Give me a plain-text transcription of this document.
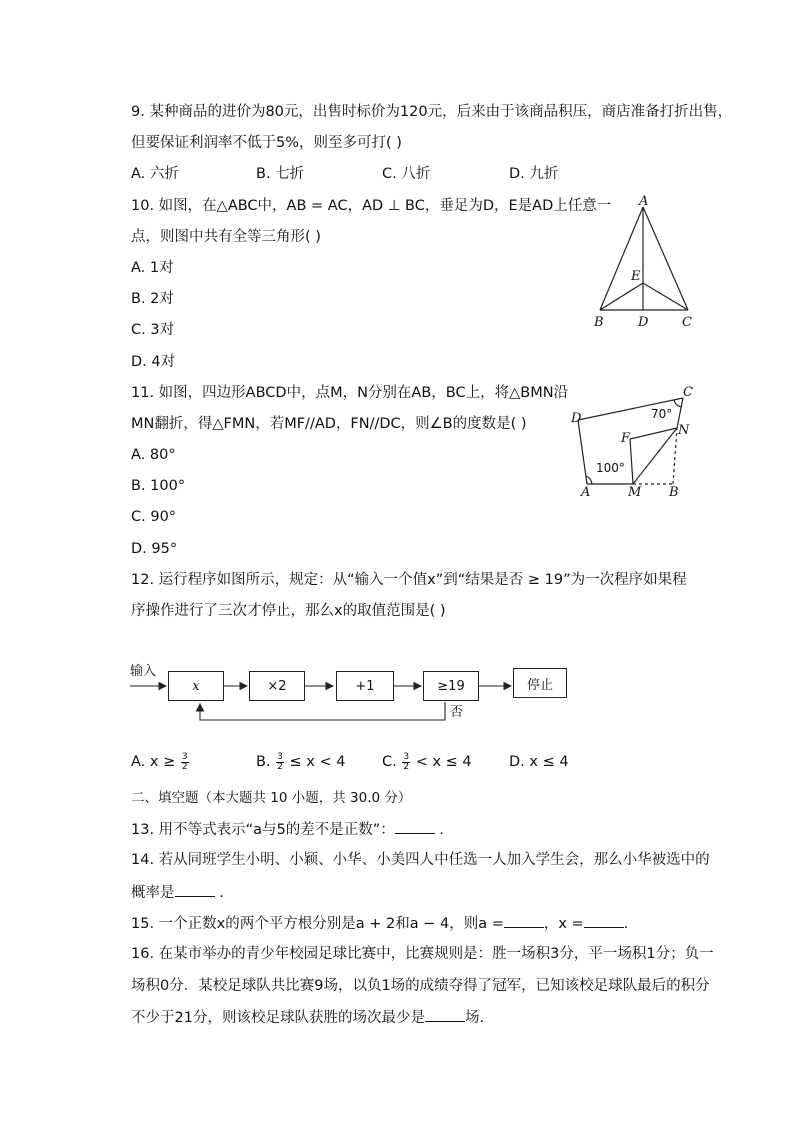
9. 某种商品的进价为80元，出售时标价为120元，后来由于该商品积压，商店准备打折出售，
但要保证利润率不低于5%，则至多可打( )
A. 六折	B. 七折	C. 八折	D. 九折
10. 如图，在△ABC中，AB = AC，AD ⊥ BC，垂足为D，E是AD上任意一
点，则图中共有全等三角形( )
A. 1对
B. 2对
C. 3对
D. 4对
A
B	C
D
E
11. 如图，四边形ABCD中，点M，N分别在AB，BC上，将△BMN沿
MN翻折，得△FMN，若MF//AD，FN//DC，则∠B的度数是( )
A. 80°
B. 100°
C. 90°
D. 95°
C
D
F
N
A	M B
70°
100°
12. 运行程序如图所示，规定：从“输入一个值x”到“结果是否 ≥ 19”为一次程序如果程
序操作进行了三次才停止，那么x的取值范围是( )
输入
x	×2	+1	≥19	停止
否
A. $x \ge \frac{3}{2}$	B. $\frac{3}{2} \le x < 4$	C. $\frac{3}{2} < x \le 4$	D. x ≤ 4
二、填空题（本大题共 10 小题，共 30.0 分）
13. 用不等式表示“a与5的差不是正数”：	.
14. 若从同班学生小明、小颖、小华、小美四人中任选一人加入学生会，那么小华被选中的
概率是	.
15. 一个正数x的两个平方根分别是a + 2和a − 4，则a =	，x =	.
16. 在某市举办的青少年校园足球比赛中，比赛规则是：胜一场积3分，平一场积1分；负一
场积0分．某校足球队共比赛9场，以负1场的成绩夺得了冠军，已知该校足球队最后的积分
不少于21分，则该校足球队获胜的场次最少是	场.
